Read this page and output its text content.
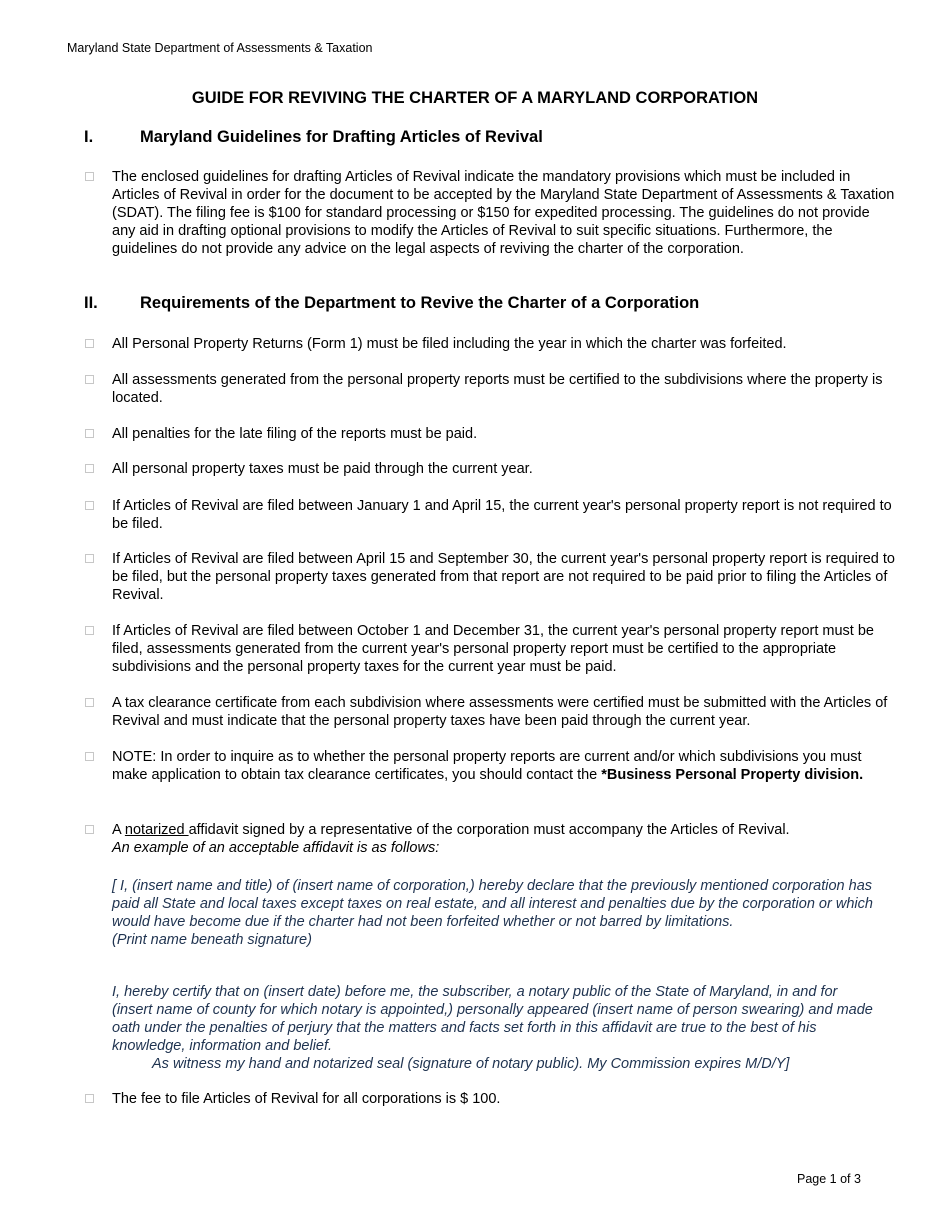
Maryland State Department of Assessments & Taxation
GUIDE FOR REVIVING THE CHARTER OF A MARYLAND CORPORATION
I.	Maryland Guidelines for Drafting Articles of Revival
The enclosed guidelines for drafting Articles of Revival indicate the mandatory provisions which must be included in Articles of Revival in order for the document to be accepted by the Maryland State Department of Assessments & Taxation (SDAT). The filing fee is $100 for standard processing or $150 for expedited processing. The guidelines do not provide any aid in drafting optional provisions to modify the Articles of Revival to suit specific situations. Furthermore, the guidelines do not provide any advice on the legal aspects of reviving the charter of the corporation.
II.	Requirements of the Department to Revive the Charter of a Corporation
All Personal Property Returns (Form 1) must be filed including the year in which the charter was forfeited.
All assessments generated from the personal property reports must be certified to the subdivisions where the property is located.
All penalties for the late filing of the reports must be paid.
All personal property taxes must be paid through the current year.
If Articles of Revival are filed between January 1 and April 15, the current year's personal property report is not required to be filed.
If Articles of Revival are filed between April 15 and September 30, the current year's personal property report is required to be filed, but the personal property taxes generated from that report are not required to be paid prior to filing the Articles of Revival.
If Articles of Revival are filed between October 1 and December 31, the current year's personal property report must be filed, assessments generated from the current year's personal property report must be certified to the appropriate subdivisions and the personal property taxes for the current year must be paid.
A tax clearance certificate from each subdivision where assessments were certified must be submitted with the Articles of Revival and must indicate that the personal property taxes have been paid through the current year.
NOTE: In order to inquire as to whether the personal property reports are current and/or which subdivisions you must make application to obtain tax clearance certificates, you should contact the *Business Personal Property division.
A notarized affidavit signed by a representative of the corporation must accompany the Articles of Revival.
An example of an acceptable affidavit is as follows:
[ I, (insert name and title) of (insert name of corporation,) hereby declare that the previously mentioned corporation has paid all State and local taxes except taxes on real estate, and all interest and penalties due by the corporation or which would have become due if the charter had not been forfeited whether or not barred by limitations.
(Print name beneath signature)
I, hereby certify that on (insert date) before me, the subscriber, a notary public of the State of Maryland, in and for (insert name of county for which notary is appointed,) personally appeared (insert name of person swearing) and made oath under the penalties of perjury that the matters and facts set forth in this affidavit are true to the best of his knowledge, information and belief.
As witness my hand and notarized seal (signature of notary public). My Commission expires M/D/Y]
The fee to file Articles of Revival for all corporations is $ 100.
Page 1 of 3
